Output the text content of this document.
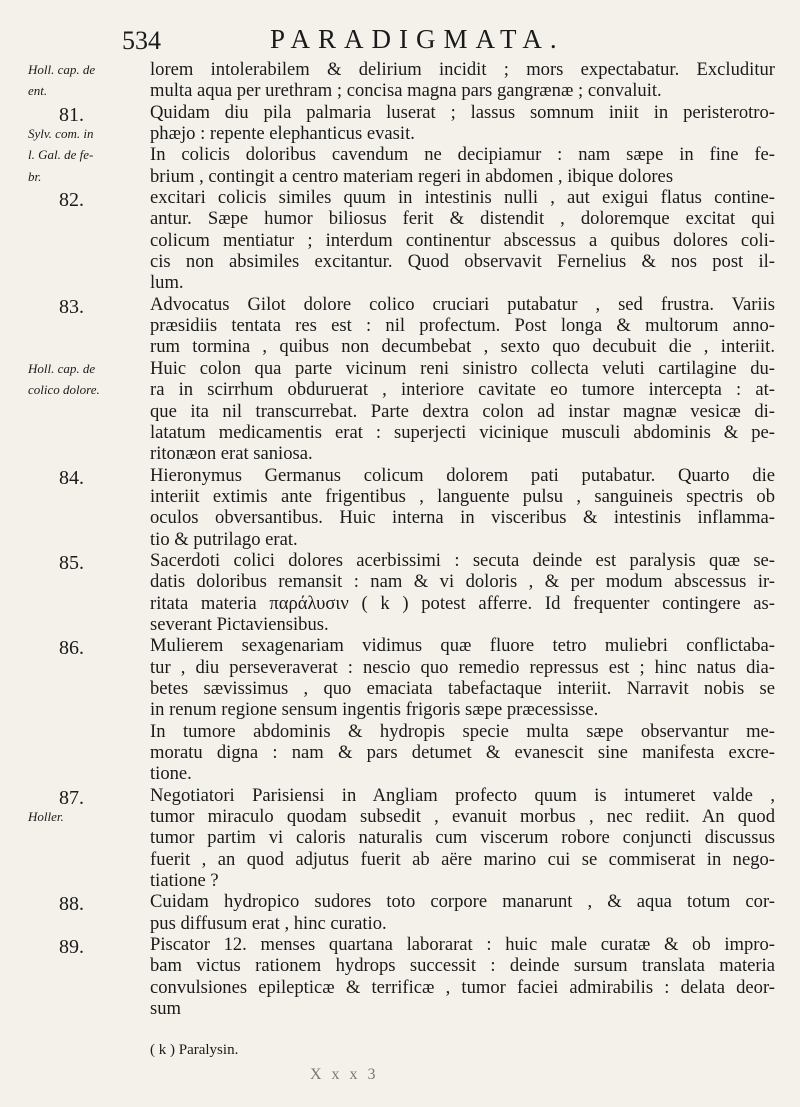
534	PARADIGMATA.
Holl. cap. de
ent.
81.
Sylv. com. in
l. Gal. de fe-
br.
82.
83.
Holl. cap. de
colico dolore.
84.
85.
86.
87.
Holler.
88.
89.
lorem intolerabilem & delirium incidit ; mors expectabatur. Excluditur
multa aqua per urethram ; concisa magna pars gangrænæ ; convaluit.
Quidam diu pila palmaria luserat ; lassus somnum iniit in peristerotro-
phæjo : repente elephanticus evasit.
In colicis doloribus cavendum ne decipiamur : nam sæpe in fine fe-
brium , contingit a centro materiam regeri in abdomen , ibique dolores
excitari colicis similes quum in intestinis nulli , aut exigui flatus contine-
antur. Sæpe humor biliosus ferit & distendit , doloremque excitat qui
colicum mentiatur ; interdum continentur abscessus a quibus dolores coli-
cis non absimiles excitantur. Quod observavit Fernelius & nos post il-
lum.
Advocatus Gilot dolore colico cruciari putabatur , sed frustra. Variis
præsidiis tentata res est : nil profectum. Post longa & multorum anno-
rum tormina , quibus non decumbebat , sexto quo decubuit die , interiit.
Huic colon qua parte vicinum reni sinistro collecta veluti cartilagine du-
ra in scirrhum obduruerat , interiore cavitate eo tumore intercepta : at-
que ita nil transcurrebat. Parte dextra colon ad instar magnæ vesicæ di-
latatum medicamentis erat : superjecti vicinique musculi abdominis & pe-
ritonæon erat saniosa.
Hieronymus Germanus colicum dolorem pati putabatur. Quarto die
interiit extimis ante frigentibus , languente pulsu , sanguineis spectris ob
oculos obversantibus. Huic interna in visceribus & intestinis inflamma-
tio & putrilago erat.
Sacerdoti colici dolores acerbissimi : secuta deinde est paralysis quæ se-
datis doloribus remansit : nam & vi doloris , & per modum abscessus ir-
ritata materia παράλυσιν ( k ) potest afferre. Id frequenter contingere as-
severant Pictaviensibus.
Mulierem sexagenariam vidimus quæ fluore tetro muliebri conflictaba-
tur , diu perseveraverat : nescio quo remedio repressus est ; hinc natus dia-
betes sævissimus , quo emaciata tabefactaque interiit. Narravit nobis se
in renum regione sensum ingentis frigoris sæpe præcessisse.
In tumore abdominis & hydropis specie multa sæpe observantur me-
moratu digna : nam & pars detumet & evanescit sine manifesta excre-
tione.
Negotiatori Parisiensi in Angliam profecto quum is intumeret valde ,
tumor miraculo quodam subsedit , evanuit morbus , nec rediit. An quod
tumor partim vi caloris naturalis cum viscerum robore conjuncti discussus
fuerit , an quod adjutus fuerit ab aëre marino cui se commiserat in nego-
tiatione ?
Cuidam hydropico sudores toto corpore manarunt , & aqua totum cor-
pus diffusum erat , hinc curatio.
Piscator 12. menses quartana laborarat : huic male curatæ & ob impro-
bam victus rationem hydrops successit : deinde sursum translata materia
convulsiones epilepticæ & terrificæ , tumor faciei admirabilis : delata deor-
sum
( k ) Paralysin.
X x x 3
